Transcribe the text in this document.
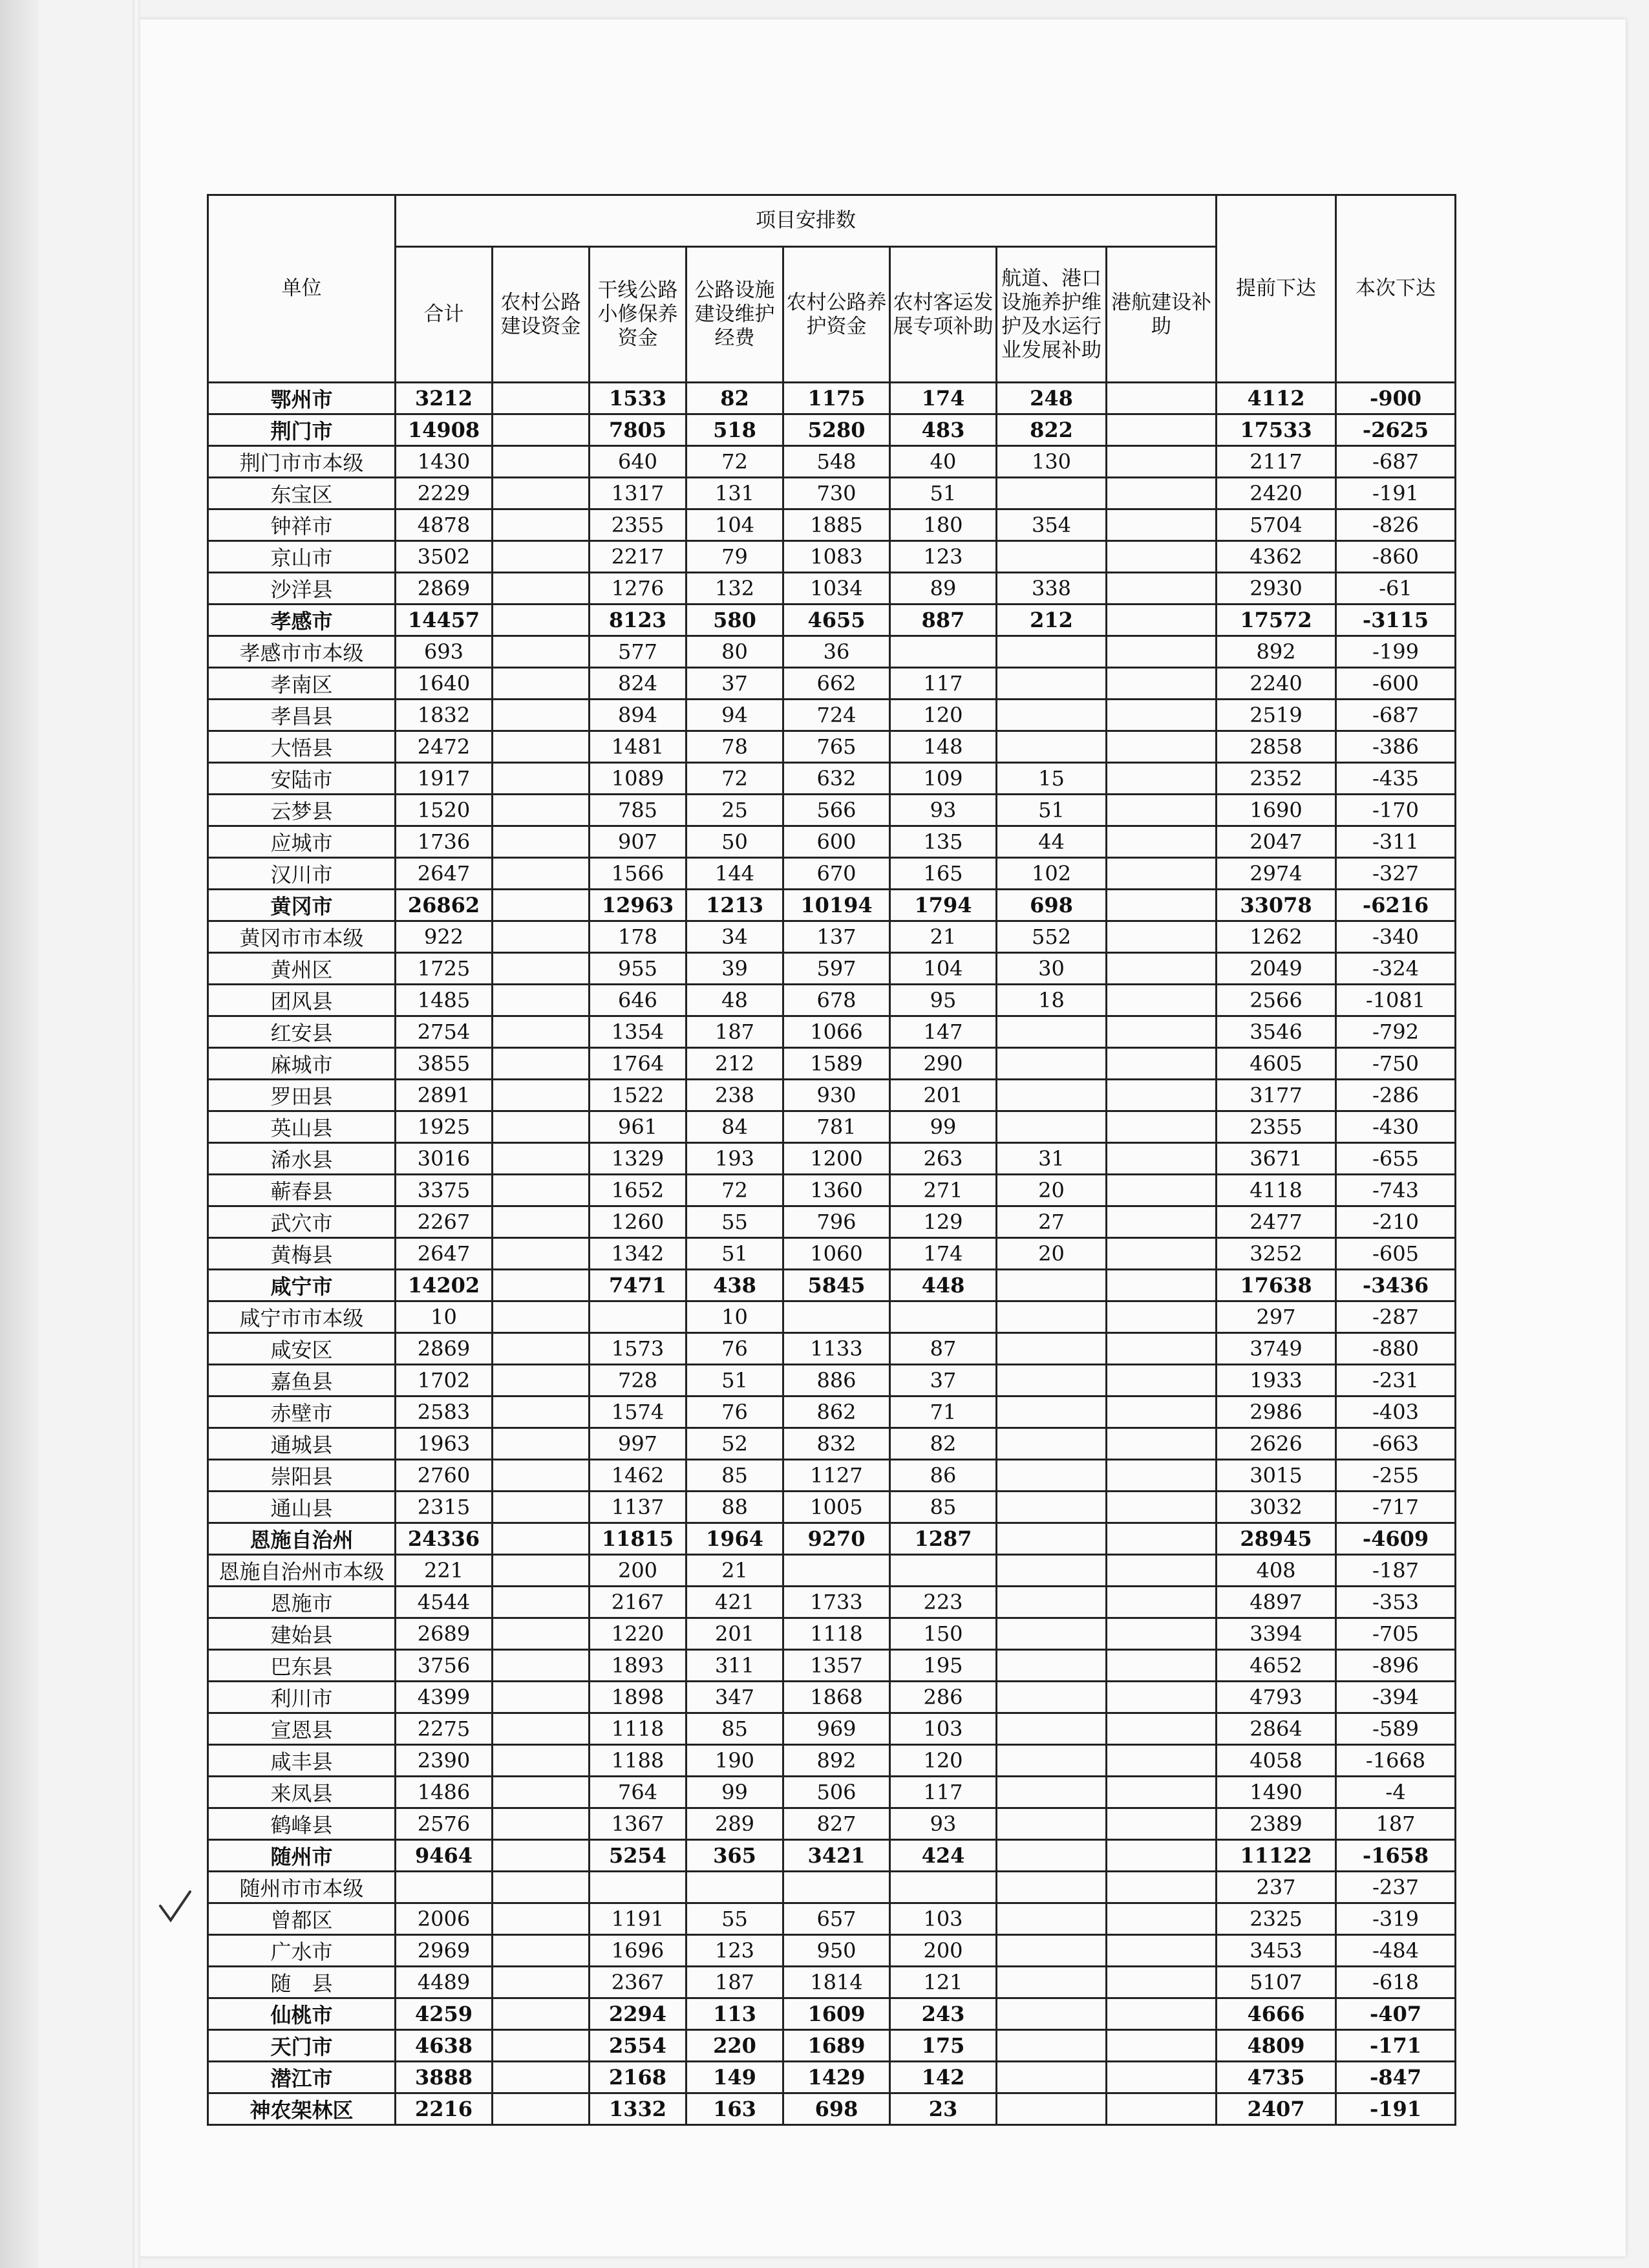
单位	项目安排数								提前下达	本次下达
	合计	农村公路建设资金	干线公路小修保养资金	公路设施建设维护经费	农村公路养护资金	农村客运发展专项补助	航道、港口设施养护维护及水运行业发展补助	港航建设补助		
鄂州市	3212		1533	82	1175	174	248		4112	-900
荆门市	14908		7805	518	5280	483	822		17533	-2625
荆门市市本级	1430		640	72	548	40	130		2117	-687
东宝区	2229		1317	131	730	51			2420	-191
钟祥市	4878		2355	104	1885	180	354		5704	-826
京山市	3502		2217	79	1083	123			4362	-860
沙洋县	2869		1276	132	1034	89	338		2930	-61
孝感市	14457		8123	580	4655	887	212		17572	-3115
孝感市市本级	693		577	80	36				892	-199
孝南区	1640		824	37	662	117			2240	-600
孝昌县	1832		894	94	724	120			2519	-687
大悟县	2472		1481	78	765	148			2858	-386
安陆市	1917		1089	72	632	109	15		2352	-435
云梦县	1520		785	25	566	93	51		1690	-170
应城市	1736		907	50	600	135	44		2047	-311
汉川市	2647		1566	144	670	165	102		2974	-327
黄冈市	26862		12963	1213	10194	1794	698		33078	-6216
黄冈市市本级	922		178	34	137	21	552		1262	-340
黄州区	1725		955	39	597	104	30		2049	-324
团风县	1485		646	48	678	95	18		2566	-1081
红安县	2754		1354	187	1066	147			3546	-792
麻城市	3855		1764	212	1589	290			4605	-750
罗田县	2891		1522	238	930	201			3177	-286
英山县	1925		961	84	781	99			2355	-430
浠水县	3016		1329	193	1200	263	31		3671	-655
蕲春县	3375		1652	72	1360	271	20		4118	-743
武穴市	2267		1260	55	796	129	27		2477	-210
黄梅县	2647		1342	51	1060	174	20		3252	-605
咸宁市	14202		7471	438	5845	448			17638	-3436
咸宁市市本级	10			10					297	-287
咸安区	2869		1573	76	1133	87			3749	-880
嘉鱼县	1702		728	51	886	37			1933	-231
赤壁市	2583		1574	76	862	71			2986	-403
通城县	1963		997	52	832	82			2626	-663
崇阳县	2760		1462	85	1127	86			3015	-255
通山县	2315		1137	88	1005	85			3032	-717
恩施自治州	24336		11815	1964	9270	1287			28945	-4609
恩施自治州市本级	221		200	21					408	-187
恩施市	4544		2167	421	1733	223			4897	-353
建始县	2689		1220	201	1118	150			3394	-705
巴东县	3756		1893	311	1357	195			4652	-896
利川市	4399		1898	347	1868	286			4793	-394
宣恩县	2275		1118	85	969	103			2864	-589
咸丰县	2390		1188	190	892	120			4058	-1668
来凤县	1486		764	99	506	117			1490	-4
鹤峰县	2576		1367	289	827	93			2389	187
随州市	9464		5254	365	3421	424			11122	-1658
随州市市本级									237	-237
曾都区	2006		1191	55	657	103			2325	-319
广水市	2969		1696	123	950	200			3453	-484
随　县	4489		2367	187	1814	121			5107	-618
仙桃市	4259		2294	113	1609	243			4666	-407
天门市	4638		2554	220	1689	175			4809	-171
潜江市	3888		2168	149	1429	142			4735	-847
神农架林区	2216		1332	163	698	23			2407	-191
